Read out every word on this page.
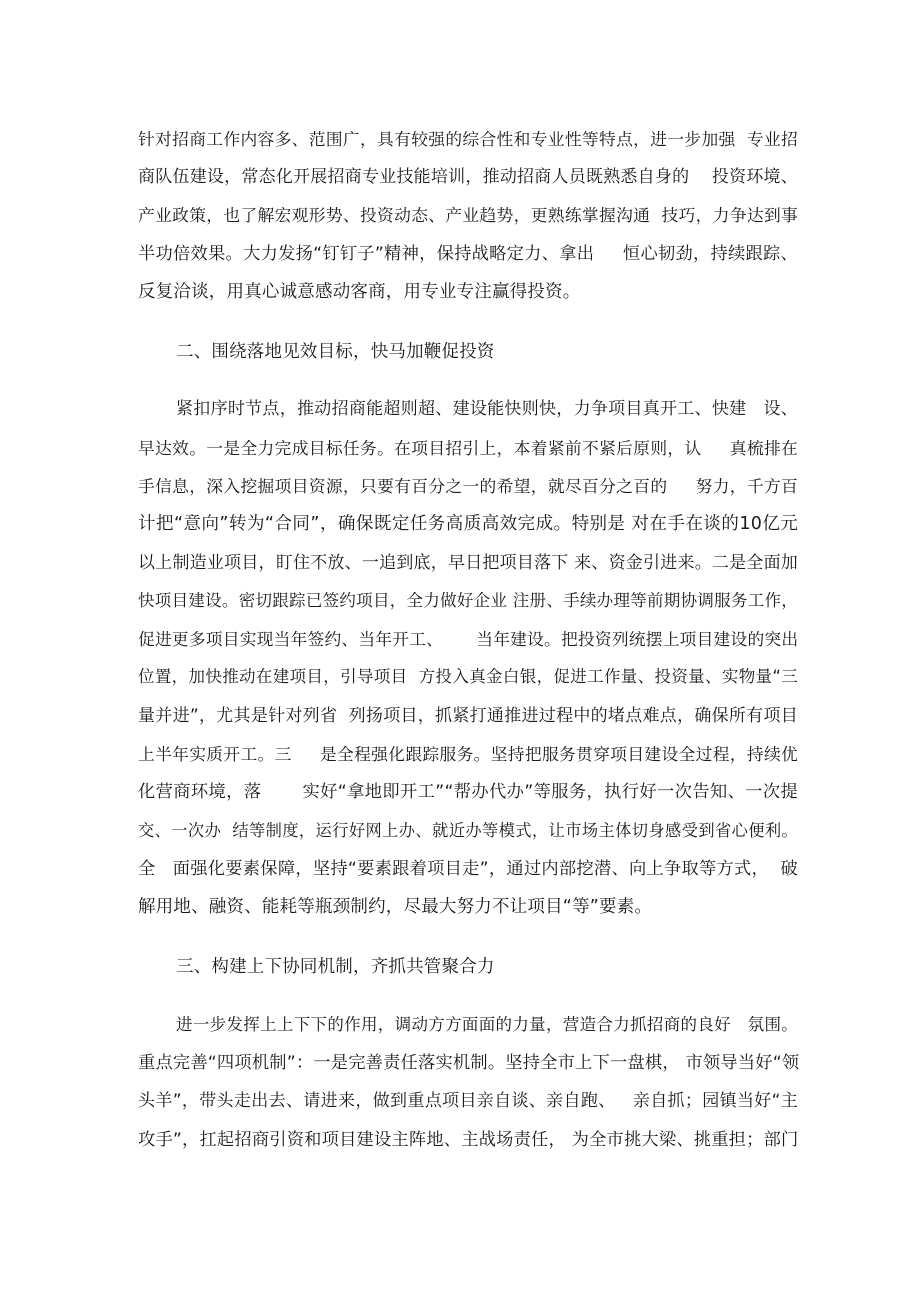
针对招商工作内容多、范围广，具有较强的综合性和专业性等特点，进一步加强  专业招
商队伍建设，常态化开展招商专业技能培训，推动招商人员既熟悉自身的    投资环境、
产业政策，也了解宏观形势、投资动态、产业趋势，更熟练掌握沟通  技巧，力争达到事
半功倍效果。大力发扬“钉钉子”精神，保持战略定力、拿出     恒心韧劲，持续跟踪、
反复洽谈，用真心诚意感动客商，用专业专注赢得投资。
二、围绕落地见效目标，快马加鞭促投资
紧扣序时节点，推动招商能超则超、建设能快则快，力争项目真开工、快建   设、
早达效。一是全力完成目标任务。在项目招引上，本着紧前不紧后原则，认     真梳排在
手信息，深入挖掘项目资源，只要有百分之一的希望，就尽百分之百的     努力，千方百
计把“意向”转为“合同”，确保既定任务高质高效完成。特别是 对在手在谈的10亿元
以上制造业项目，盯住不放、一追到底，早日把项目落下 来、资金引进来。二是全面加
快项目建设。密切跟踪已签约项目，全力做好企业 注册、手续办理等前期协调服务工作，
促进更多项目实现当年签约、当年开工、      当年建设。把投资列统摆上项目建设的突出
位置，加快推动在建项目，引导项目  方投入真金白银，促进工作量、投资量、实物量“三
量并进”，尤其是针对列省  列扬项目，抓紧打通推进过程中的堵点难点，确保所有项目
上半年实质开工。三     是全程强化跟踪服务。坚持把服务贯穿项目建设全过程，持续优
化营商环境，落       实好“拿地即开工”“帮办代办”等服务，执行好一次告知、一次提
交、一次办  结等制度，运行好网上办、就近办等模式，让市场主体切身感受到省心便利。
全   面强化要素保障，坚持“要素跟着项目走”，通过内部挖潜、向上争取等方式，  破
解用地、融资、能耗等瓶颈制约，尽最大努力不让项目“等”要素。
三、构建上下协同机制，齐抓共管聚合力
进一步发挥上上下下的作用，调动方方面面的力量，营造合力抓招商的良好   氛围。
重点完善“四项机制”：一是完善责任落实机制。坚持全市上下一盘棋， 市领导当好“领
头羊”，带头走出去、请进来，做到重点项目亲自谈、亲自跑、   亲自抓；园镇当好“主
攻手”，扛起招商引资和项目建设主阵地、主战场责任， 为全市挑大梁、挑重担；部门
